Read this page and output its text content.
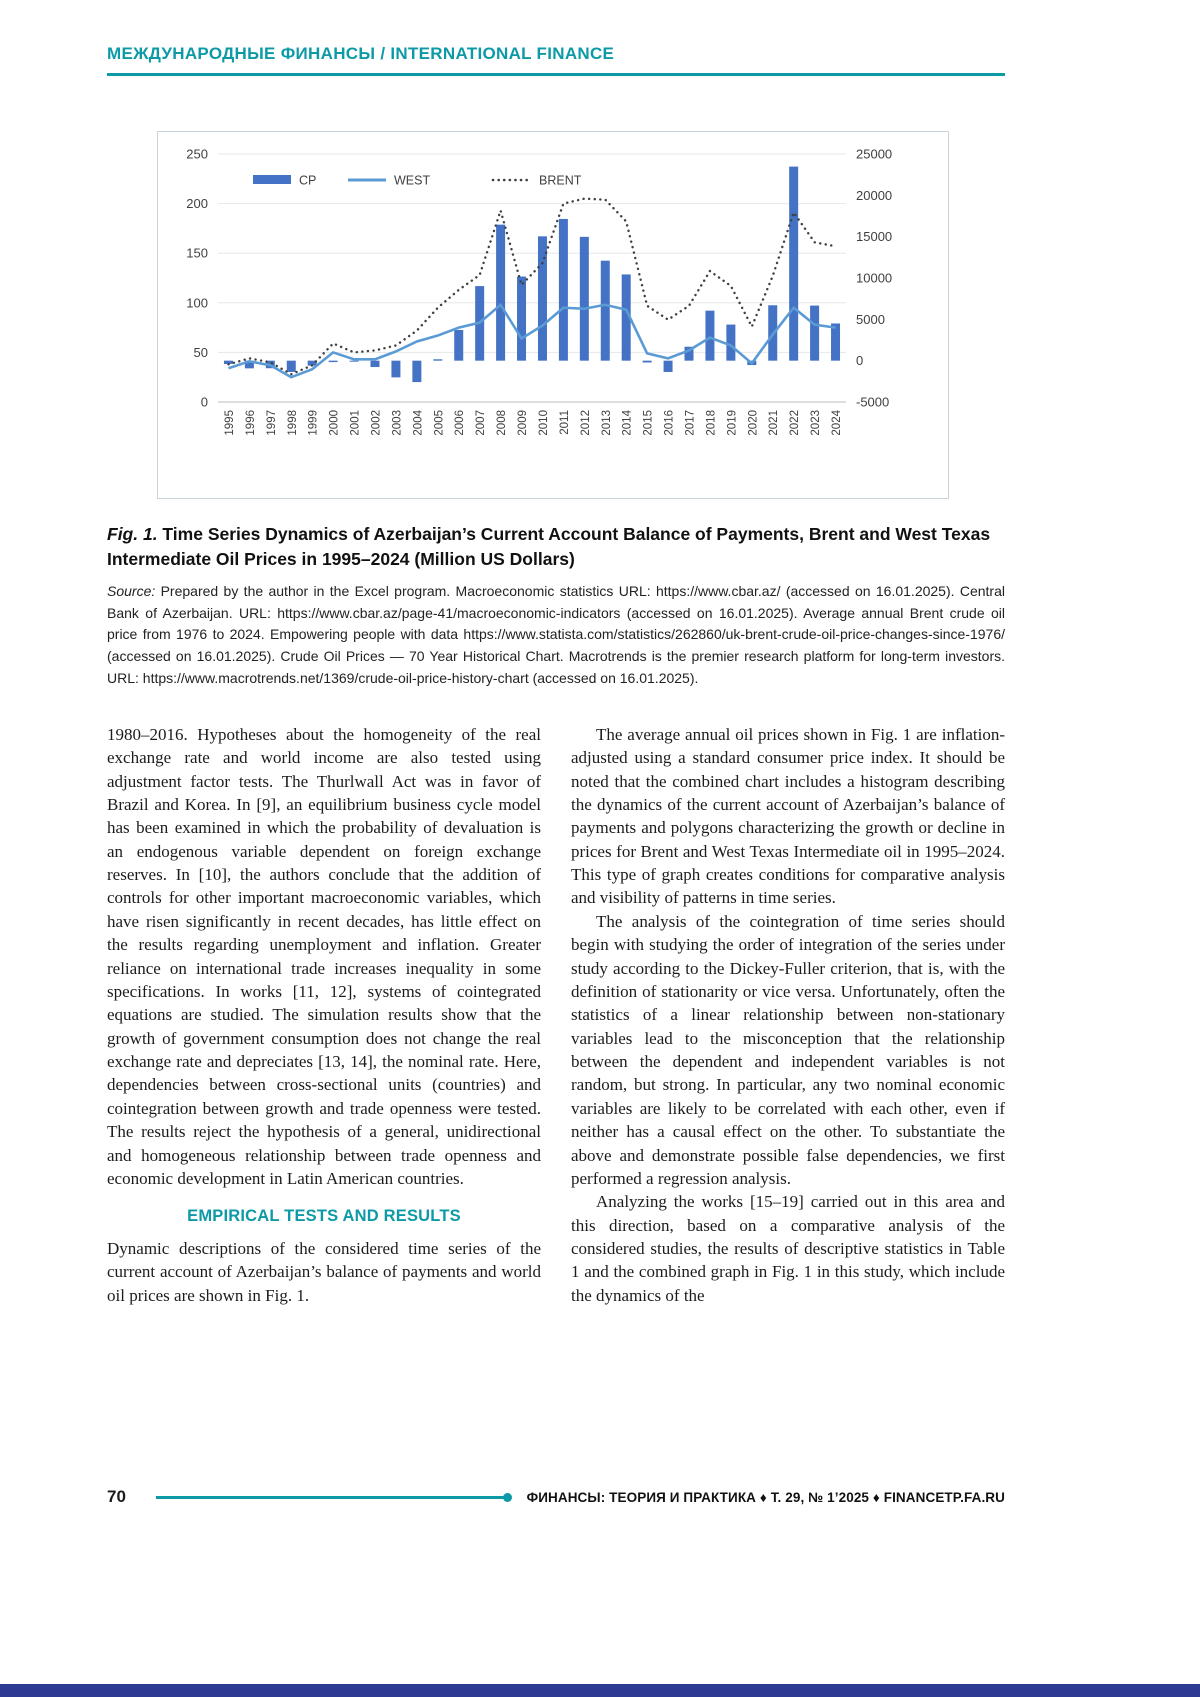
МЕЖДУНАРОДНЫЕ ФИНАНСЫ / INTERNATIONAL FINANCE
250
200
150
100
50
0
25000
20000
15000
10000
5000
0
-5000
1995 1996 1997 1998 1999 2000 2001 2002 2003 2004 2005 2006 2007 2008 2009 2010 2011 2012 2013 2014 2015 2016 2017 2018 2019 2020 2021 2022 2023 2024
CP	WEST	BRENT
Fig. 1. Time Series Dynamics of Azerbaijan’s Current Account Balance of Payments, Brent and West Texas Intermediate Oil Prices in 1995–2024 (Million US Dollars)
Source: Prepared by the author in the Excel program. Macroeconomic statistics URL: https://www.cbar.az/ (accessed on 16.01.2025). Central Bank of Azerbaijan. URL: https://www.cbar.az/page-41/macroeconomic-indicators (accessed on 16.01.2025). Average annual Brent crude oil price from 1976 to 2024. Empowering people with data https://www.statista.com/statistics/262860/uk-brent-crude-oil-price-changes-since-1976/ (accessed on 16.01.2025). Crude Oil Prices — 70 Year Historical Chart. Macrotrends is the premier research platform for long-term investors. URL: https://www.macrotrends.net/1369/crude-oil-price-history-chart (accessed on 16.01.2025).

1980–2016. Hypotheses about the homogeneity of the real exchange rate and world income are also tested using adjustment factor tests. The Thurlwall Act was in favor of Brazil and Korea. In [9], an equilibrium business cycle model has been examined in which the probability of devaluation is an endogenous variable dependent on foreign exchange reserves. In [10], the authors conclude that the addition of controls for other important macroeconomic variables, which have risen significantly in recent decades, has little effect on the results regarding unemployment and inflation. Greater reliance on international trade increases inequality in some specifications. In works [11, 12], systems of cointegrated equations are studied. The simulation results show that the growth of government consumption does not change the real exchange rate and depreciates [13, 14], the nominal rate. Here, dependencies between cross-sectional units (countries) and cointegration between growth and trade openness were tested. The results reject the hypothesis of a general, unidirectional and homogeneous relationship between trade openness and economic development in Latin American countries.

EMPIRICAL TESTS AND RESULTS

Dynamic descriptions of the considered time series of the current account of Azerbaijan’s balance of payments and world oil prices are shown in Fig. 1.

The average annual oil prices shown in Fig. 1 are inflation-adjusted using a standard consumer price index. It should be noted that the combined chart includes a histogram describing the dynamics of the current account of Azerbaijan’s balance of payments and polygons characterizing the growth or decline in prices for Brent and West Texas Intermediate oil in 1995–2024. This type of graph creates conditions for comparative analysis and visibility of patterns in time series.

The analysis of the cointegration of time series should begin with studying the order of integration of the series under study according to the Dickey-Fuller criterion, that is, with the definition of stationarity or vice versa. Unfortunately, often the statistics of a linear relationship between non-stationary variables lead to the misconception that the relationship between the dependent and independent variables is not random, but strong. In particular, any two nominal economic variables are likely to be correlated with each other, even if neither has a causal effect on the other. To substantiate the above and demonstrate possible false dependencies, we first performed a regression analysis.

Analyzing the works [15–19] carried out in this area and this direction, based on a comparative analysis of the considered studies, the results of descriptive statistics in Table 1 and the combined graph in Fig. 1 in this study, which include the dynamics of the

70	ФИНАНСЫ: ТЕОРИЯ И ПРАКТИКА ♦ Т. 29, № 1’2025 ♦ FINANCETP.FA.RU
